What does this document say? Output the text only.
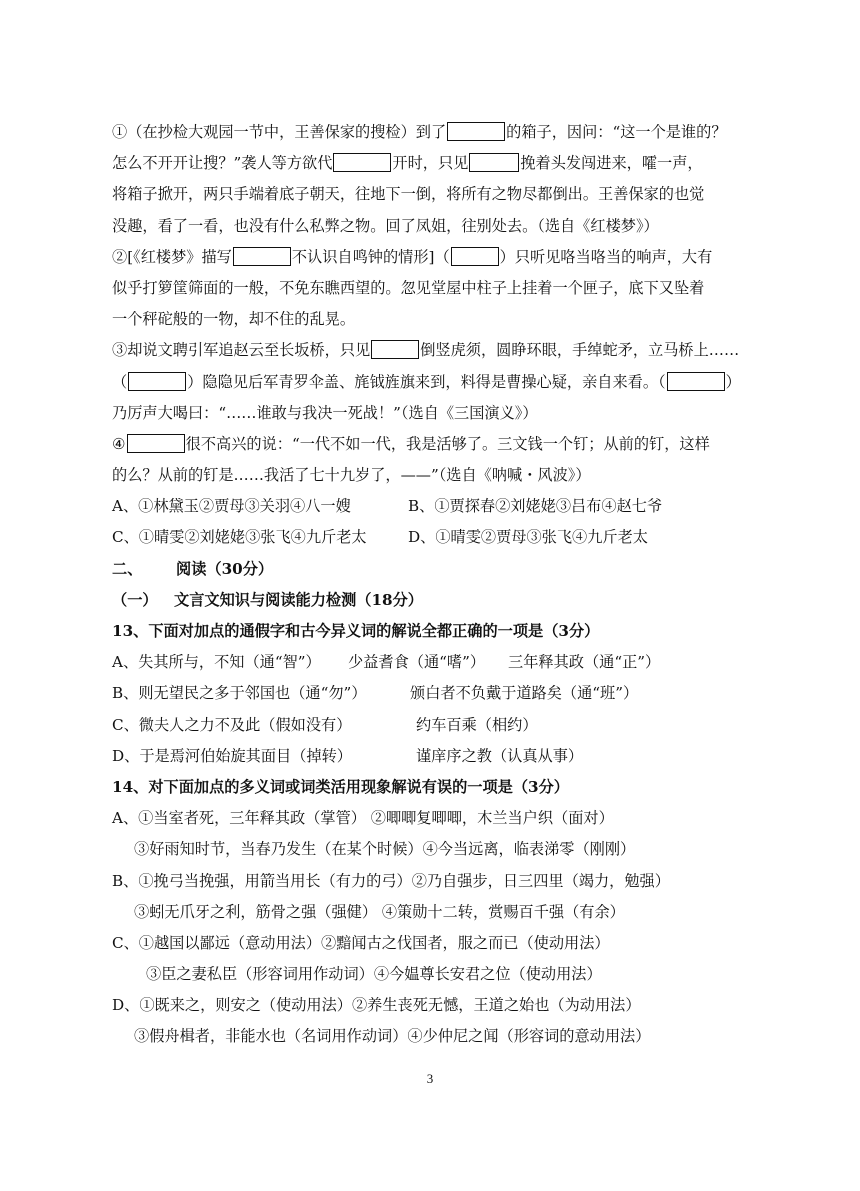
①（在抄检大观园一节中，王善保家的搜检）到了	的箱子，因问：“这一个是谁的？
怎么不开开让搜？”袭人等方欲代	开时，只见	挽着头发闯进来，嚯一声，
将箱子掀开，两只手端着底子朝天，往地下一倒，将所有之物尽都倒出。王善保家的也觉
没趣，看了一看，也没有什么私弊之物。回了凤姐，往别处去。（选自《红楼梦》）
②[《红楼梦》描写	不认识自鸣钟的情形]（	）只听见咯当咯当的响声，大有
似乎打箩筐筛面的一般，不免东瞧西望的。忽见堂屋中柱子上挂着一个匣子，底下又坠着
一个秤砣般的一物，却不住的乱晃。
③却说文聘引军追赵云至长坂桥，只见	倒竖虎须，圆睁环眼，手绰蛇矛，立马桥上……
（	）隐隐见后军青罗伞盖、旄钺旌旗来到，料得是曹操心疑，亲自来看。（	）
乃厉声大喝曰：“……谁敢与我决一死战！”（选自《三国演义》）
④	很不高兴的说：“一代不如一代，我是活够了。三文钱一个钉；从前的钉，这样
的么？从前的钉是……我活了七十九岁了，——”（选自《呐喊・风波》）
A、①林黛玉②贾母③关羽④八一嫂	B、①贾探春②刘姥姥③吕布④赵七爷
C、①晴雯②刘姥姥③张飞④九斤老太	D、①晴雯②贾母③张飞④九斤老太
二、 阅读（30分）
（一） 文言文知识与阅读能力检测（18分）
13、下面对加点的通假字和古今异义词的解说全都正确的一项是（3分）
A、失其所与，不知（通“智”） 少益耆食（通“嗜”） 三年释其政（通“正”）
B、则无望民之多于邻国也（通“勿”）	颁白者不负戴于道路矣（通“班”）
C、微夫人之力不及此（假如没有）	约车百乘（相约）
D、于是焉河伯始旋其面目（掉转）	谨庠序之教（认真从事）
14、对下面加点的多义词或词类活用现象解说有误的一项是（3分）
A、①当室者死，三年释其政（掌管） ②唧唧复唧唧，木兰当户织（面对）
③好雨知时节，当春乃发生（在某个时候）④今当远离，临表涕零（刚刚）
B、①挽弓当挽强，用箭当用长（有力的弓）②乃自强步，日三四里（竭力，勉强）
③蚓无爪牙之利，筋骨之强（强健） ④策勋十二转，赏赐百千强（有余）
C、①越国以鄙远（意动用法）②黯闻古之伐国者，服之而已（使动用法）
③臣之妻私臣（形容词用作动词）④今媪尊长安君之位（使动用法）
D、①既来之，则安之（使动用法）②养生丧死无憾，王道之始也（为动用法）
③假舟楫者，非能水也（名词用作动词）④少仲尼之闻（形容词的意动用法）
3
